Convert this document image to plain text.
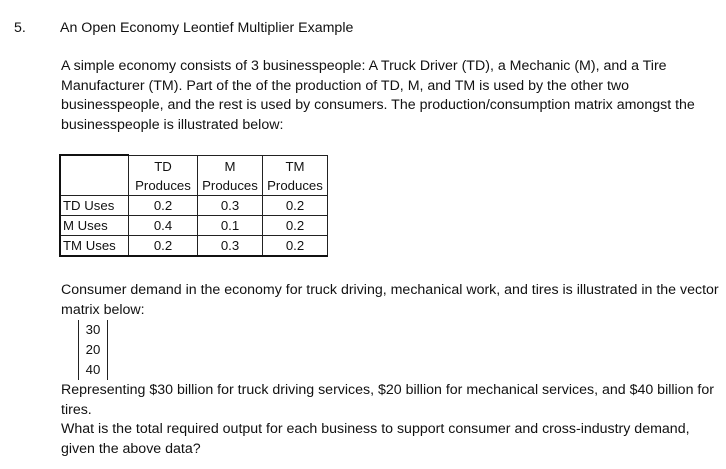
5. An Open Economy Leontief Multiplier Example
A simple economy consists of 3 businesspeople: A Truck Driver (TD), a Mechanic (M), and a Tire Manufacturer (TM). Part of the of the production of TD, M, and TM is used by the other two businesspeople, and the rest is used by consumers. The production/consumption matrix amongst the businesspeople is illustrated below:
	TD	M	TM
	Produces	Produces	Produces
TD Uses	0.2	0.3	0.2
M Uses	0.4	0.1	0.2
TM Uses	0.2	0.3	0.2
Consumer demand in the economy for truck driving, mechanical work, and tires is illustrated in the vector matrix below:
30
20
40
Representing $30 billion for truck driving services, $20 billion for mechanical services, and $40 billion for tires.
What is the total required output for each business to support consumer and cross-industry demand, given the above data?
